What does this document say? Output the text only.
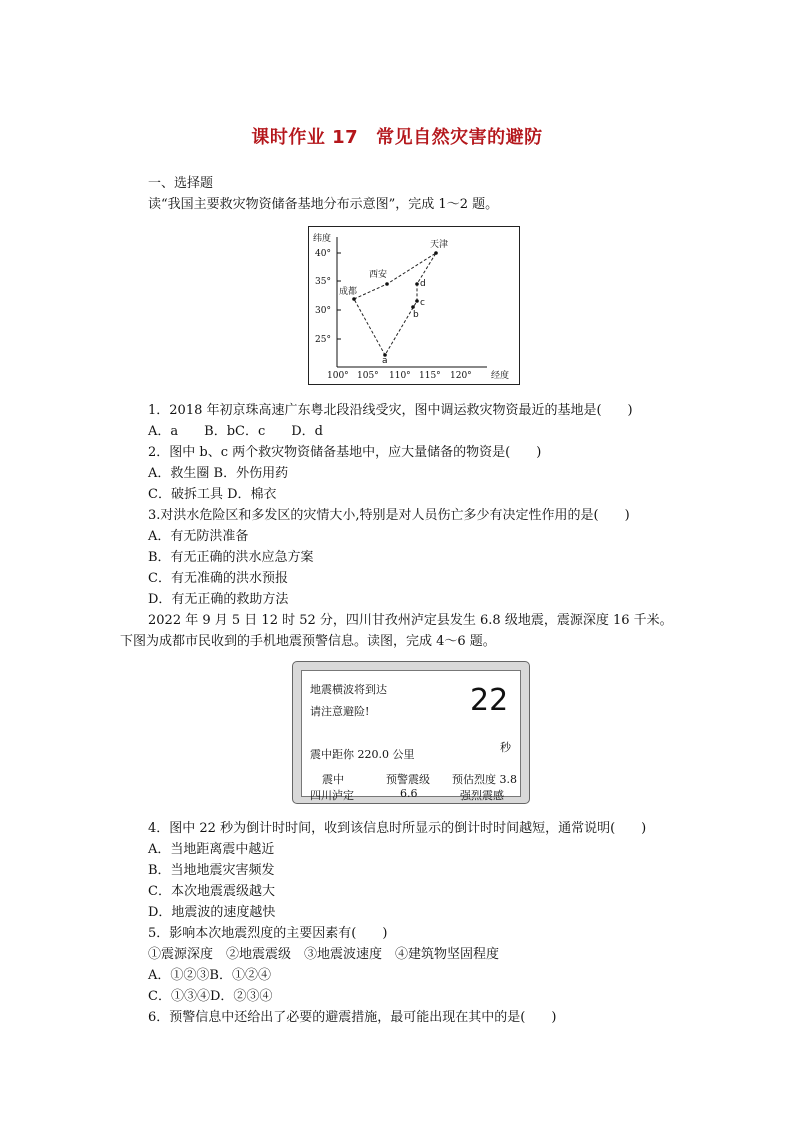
课时作业 17 常见自然灾害的避防
一、选择题
读“我国主要救灾物资储备基地分布示意图”，完成 1～2 题。
纬度
经度
40°
35°
30°
25°
100° 105° 110° 115° 120°
天津
西安
成都
d
c
b
a
1．2018 年初京珠高速广东粤北段沿线受灾，图中调运救灾物资最近的基地是(　　)
A．a　　B．bC．c　　D．d
2．图中 b、c 两个救灾物资储备基地中，应大量储备的物资是(　　)
A．救生圈 B．外伤用药
C．破拆工具 D．棉衣
3.对洪水危险区和多发区的灾情大小,特别是对人员伤亡多少有决定性作用的是(　　)
A．有无防洪准备
B．有无正确的洪水应急方案
C．有无准确的洪水预报
D．有无正确的救助方法
2022 年 9 月 5 日 12 时 52 分，四川甘孜州泸定县发生 6.8 级地震，震源深度 16 千米。
下图为成都市民收到的手机地震预警信息。读图，完成 4～6 题。
地震横波将到达
请注意避险!	22
秒
震中距你 220.0 公里
震中	预警震级 预估烈度 3.8
四川泸定	6.6	强烈震感
4．图中 22 秒为倒计时时间，收到该信息时所显示的倒计时时间越短，通常说明(　　)
A．当地距离震中越近
B．当地地震灾害频发
C．本次地震震级越大
D．地震波的速度越快
5．影响本次地震烈度的主要因素有(　　)
①震源深度　②地震震级　③地震波速度　④建筑物坚固程度
A．①②③B．①②④
C．①③④D．②③④
6．预警信息中还给出了必要的避震措施，最可能出现在其中的是(　　)
